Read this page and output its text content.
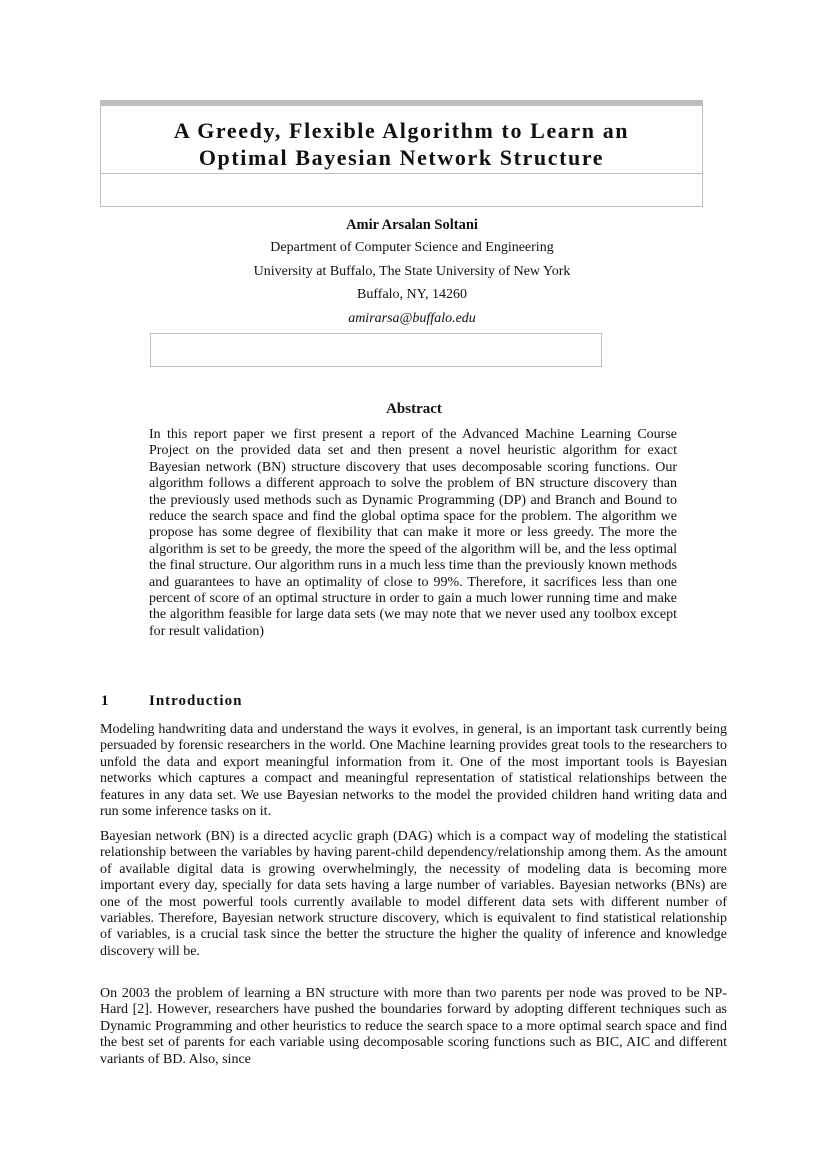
A Greedy, Flexible Algorithm to Learn an
Optimal Bayesian Network Structure
Amir Arsalan Soltani
Department of Computer Science and Engineering
University at Buffalo, The State University of New York
Buffalo, NY, 14260
amirarsa@buffalo.edu
Abstract
In this report paper we first present a report of the Advanced Machine Learning Course Project on the provided data set and then present a novel heuristic algorithm for exact Bayesian network (BN) structure discovery that uses decomposable scoring functions. Our algorithm follows a different approach to solve the problem of BN structure discovery than the previously used methods such as Dynamic Programming (DP) and Branch and Bound to reduce the search space and find the global optima space for the problem. The algorithm we propose has some degree of flexibility that can make it more or less greedy. The more the algorithm is set to be greedy, the more the speed of the algorithm will be, and the less optimal the final structure. Our algorithm runs in a much less time than the previously known methods and guarantees to have an optimality of close to 99%. Therefore, it sacrifices less than one percent of score of an optimal structure in order to gain a much lower running time and make the algorithm feasible for large data sets (we may note that we never used any toolbox except for result validation)
1	Introduction

Modeling handwriting data and understand the ways it evolves, in general, is an important task currently being persuaded by forensic researchers in the world. One Machine learning provides great tools to the researchers to unfold the data and export meaningful information from it. One of the most important tools is Bayesian networks which captures a compact and meaningful representation of statistical relationships between the features in any data set. We use Bayesian networks to the model the provided children hand writing data and run some inference tasks on it.

Bayesian network (BN) is a directed acyclic graph (DAG) which is a compact way of modeling the statistical relationship between the variables by having parent-child dependency/relationship among them. As the amount of available digital data is growing overwhelmingly, the necessity of modeling data is becoming more important every day, specially for data sets having a large number of variables. Bayesian networks (BNs) are one of the most powerful tools currently available to model different data sets with different number of variables. Therefore, Bayesian network structure discovery, which is equivalent to find statistical relationship of variables, is a crucial task since the better the structure the higher the quality of inference and knowledge discovery will be.

On 2003 the problem of learning a BN structure with more than two parents per node was proved to be NP-Hard [2]. However, researchers have pushed the boundaries forward by adopting different techniques such as Dynamic Programming and other heuristics to reduce the search space to a more optimal search space and find the best set of parents for each variable using decomposable scoring functions such as BIC, AIC and different variants of BD. Also, since
